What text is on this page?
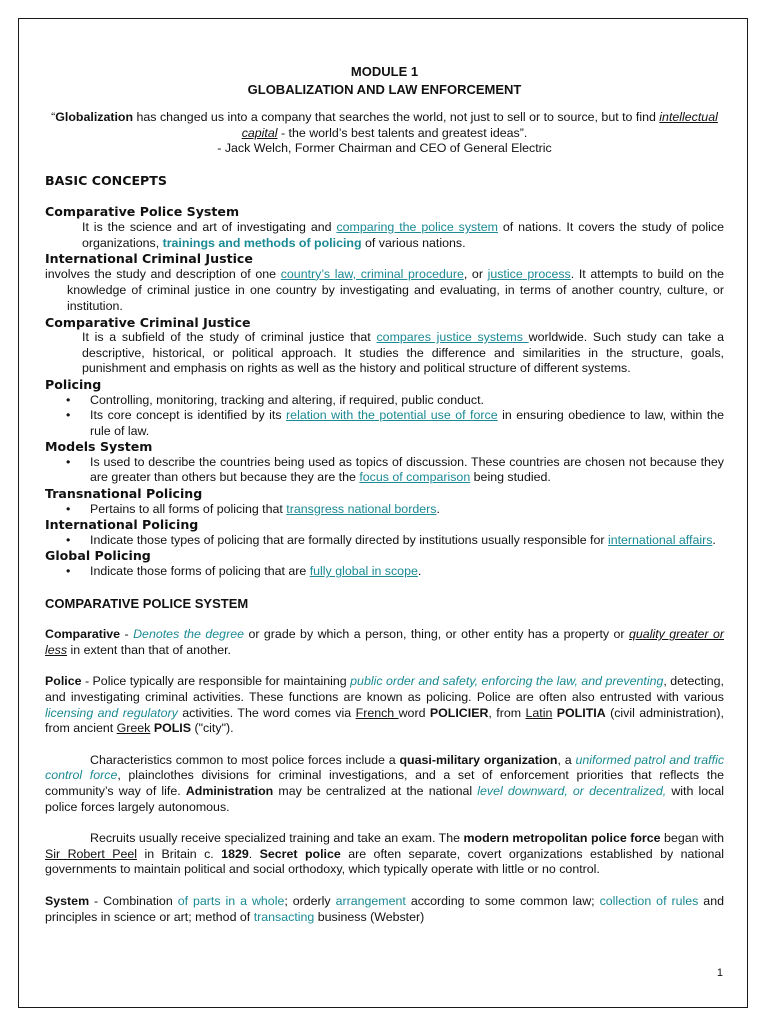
MODULE 1
GLOBALIZATION AND LAW ENFORCEMENT
“Globalization has changed us into a company that searches the world, not just to sell or to source, but to find intellectual capital - the world’s best talents and greatest ideas”.
- Jack Welch, Former Chairman and CEO of General Electric
BASIC CONCEPTS
Comparative Police System
It is the science and art of investigating and comparing the police system of nations. It covers the study of police organizations, trainings and methods of policing of various nations.
International Criminal Justice
involves the study and description of one country’s law, criminal procedure, or justice process. It attempts to build on the knowledge of criminal justice in one country by investigating and evaluating, in terms of another country, culture, or institution.
Comparative Criminal Justice
It is a subfield of the study of criminal justice that compares justice systems worldwide. Such study can take a descriptive, historical, or political approach. It studies the difference and similarities in the structure, goals, punishment and emphasis on rights as well as the history and political structure of different systems.
Policing
• Controlling, monitoring, tracking and altering, if required, public conduct.
• Its core concept is identified by its relation with the potential use of force in ensuring obedience to law, within the rule of law.
Models System
• Is used to describe the countries being used as topics of discussion. These countries are chosen not because they are greater than others but because they are the focus of comparison being studied.
Transnational Policing
• Pertains to all forms of policing that transgress national borders.
International Policing
• Indicate those types of policing that are formally directed by institutions usually responsible for international affairs.
Global Policing
• Indicate those forms of policing that are fully global in scope.
COMPARATIVE POLICE SYSTEM
Comparative - Denotes the degree or grade by which a person, thing, or other entity has a property or quality greater or less in extent than that of another.
Police - Police typically are responsible for maintaining public order and safety, enforcing the law, and preventing, detecting, and investigating criminal activities. These functions are known as policing. Police are often also entrusted with various licensing and regulatory activities. The word comes via French word POLICIER, from Latin POLITIA (civil administration), from ancient Greek POLIS ("city").
Characteristics common to most police forces include a quasi-military organization, a uniformed patrol and traffic control force, plainclothes divisions for criminal investigations, and a set of enforcement priorities that reflects the community’s way of life. Administration may be centralized at the national level downward, or decentralized, with local police forces largely autonomous.
Recruits usually receive specialized training and take an exam. The modern metropolitan police force began with Sir Robert Peel in Britain c. 1829. Secret police are often separate, covert organizations established by national governments to maintain political and social orthodoxy, which typically operate with little or no control.
System - Combination of parts in a whole; orderly arrangement according to some common law; collection of rules and principles in science or art; method of transacting business (Webster)
1
